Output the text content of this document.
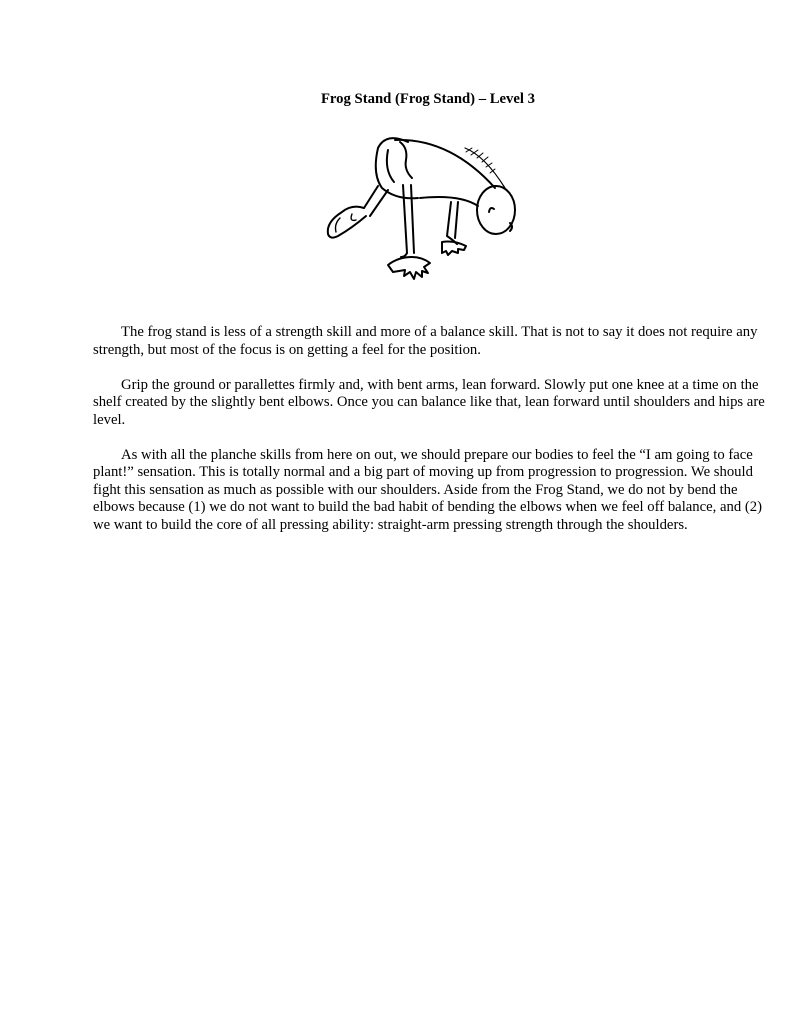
Frog Stand (Frog Stand) – Level 3

The frog stand is less of a strength skill and more of a balance skill. That is not to say it does not require any strength, but most of the focus is on getting a feel for the position.

Grip the ground or parallettes firmly and, with bent arms, lean forward. Slowly put one knee at a time on the shelf created by the slightly bent elbows. Once you can balance like that, lean forward until shoulders and hips are level.

As with all the planche skills from here on out, we should prepare our bodies to feel the “I am going to face plant!” sensation. This is totally normal and a big part of moving up from progression to progression. We should fight this sensation as much as possible with our shoulders. Aside from the Frog Stand, we do not by bend the elbows because (1) we do not want to build the bad habit of bending the elbows when we feel off balance, and (2) we want to build the core of all pressing ability: straight-arm pressing strength through the shoulders.
